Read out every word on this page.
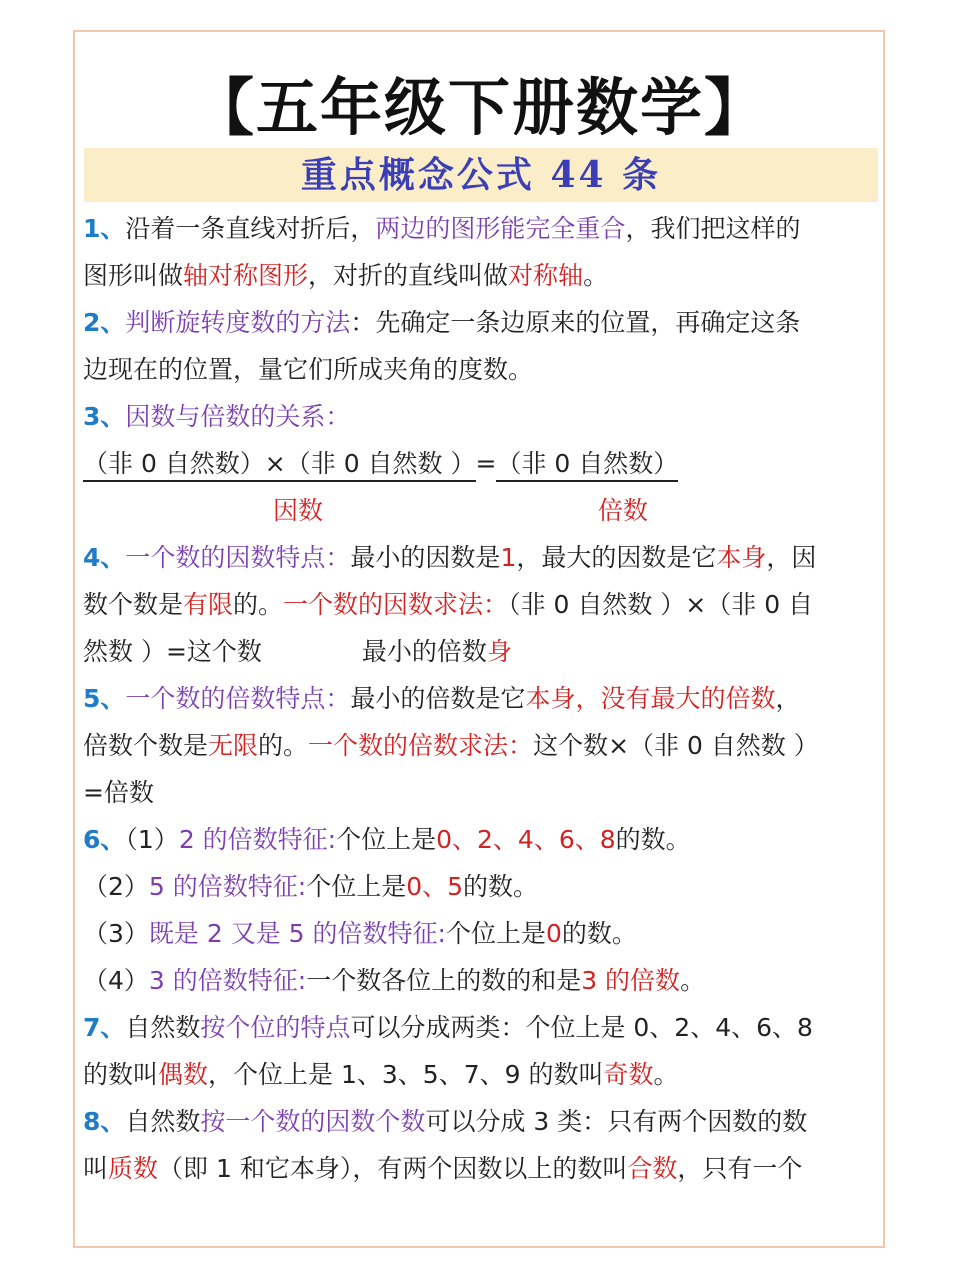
【五年级下册数学】
重点概念公式 44 条
1、沿着一条直线对折后，两边的图形能完全重合，我们把这样的
图形叫做轴对称图形，对折的直线叫做对称轴。
2、判断旋转度数的方法：先确定一条边原来的位置，再确定这条
边现在的位置，量它们所成夹角的度数。
3、因数与倍数的关系：
（非 0 自然数）×（非 0 自然数 ）=（非 0 自然数）
因数	倍数
4、一个数的因数特点：最小的因数是1，最大的因数是它本身，因
数个数是有限的。一个数的因数求法：（非 0 自然数 ）×（非 0 自
然数 ）=这个数	最小的倍数身
5、一个数的倍数特点：最小的倍数是它本身，没有最大的倍数，
倍数个数是无限的。一个数的倍数求法：这个数×（非 0 自然数 ）
=倍数
6、（1）2 的倍数特征:个位上是0、2、4、6、8的数。
（2）5 的倍数特征:个位上是0、5的数。
（3）既是 2 又是 5 的倍数特征:个位上是0的数。
（4）3 的倍数特征:一个数各位上的数的和是3 的倍数。
7、自然数按个位的特点可以分成两类：个位上是 0、2、4、6、8
的数叫偶数，个位上是 1、3、5、7、9 的数叫奇数。
8、自然数按一个数的因数个数可以分成 3 类：只有两个因数的数
叫质数（即 1 和它本身），有两个因数以上的数叫合数，只有一个
